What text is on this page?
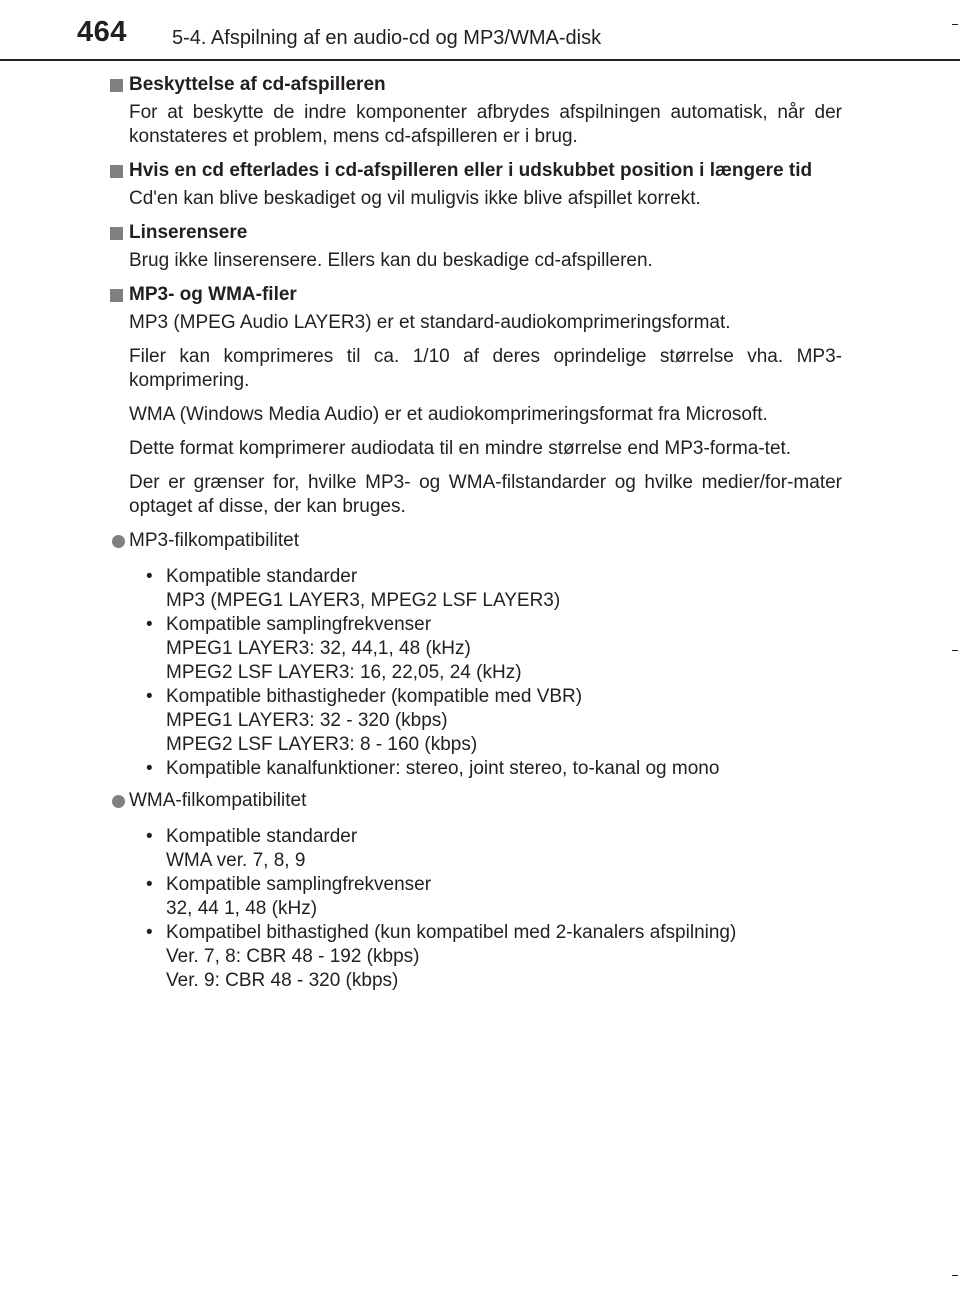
464 5-4. Afspilning af en audio-cd og MP3/WMA-disk
Beskyttelse af cd-afspilleren
For at beskytte de indre komponenter afbrydes afspilningen automatisk, når der konstateres et problem, mens cd-afspilleren er i brug.
Hvis en cd efterlades i cd-afspilleren eller i udskubbet position i længere tid
Cd'en kan blive beskadiget og vil muligvis ikke blive afspillet korrekt.
Linserensere
Brug ikke linserensere. Ellers kan du beskadige cd-afspilleren.
MP3- og WMA-filer
MP3 (MPEG Audio LAYER3) er et standard-audiokomprimeringsformat.
Filer kan komprimeres til ca. 1/10 af deres oprindelige størrelse vha. MP3-komprimering.
WMA (Windows Media Audio) er et audiokomprimeringsformat fra Microsoft.
Dette format komprimerer audiodata til en mindre størrelse end MP3-forma-tet.
Der er grænser for, hvilke MP3- og WMA-filstandarder og hvilke medier/for-mater optaget af disse, der kan bruges.
MP3-filkompatibilitet
• Kompatible standarder
MP3 (MPEG1 LAYER3, MPEG2 LSF LAYER3)
• Kompatible samplingfrekvenser
MPEG1 LAYER3: 32, 44,1, 48 (kHz)
MPEG2 LSF LAYER3: 16, 22,05, 24 (kHz)
• Kompatible bithastigheder (kompatible med VBR)
MPEG1 LAYER3: 32 - 320 (kbps)
MPEG2 LSF LAYER3: 8 - 160 (kbps)
• Kompatible kanalfunktioner: stereo, joint stereo, to-kanal og mono
WMA-filkompatibilitet
• Kompatible standarder
WMA ver. 7, 8, 9
• Kompatible samplingfrekvenser
32, 44 1, 48 (kHz)
• Kompatibel bithastighed (kun kompatibel med 2-kanalers afspilning)
Ver. 7, 8: CBR 48 - 192 (kbps)
Ver. 9: CBR 48 - 320 (kbps)
